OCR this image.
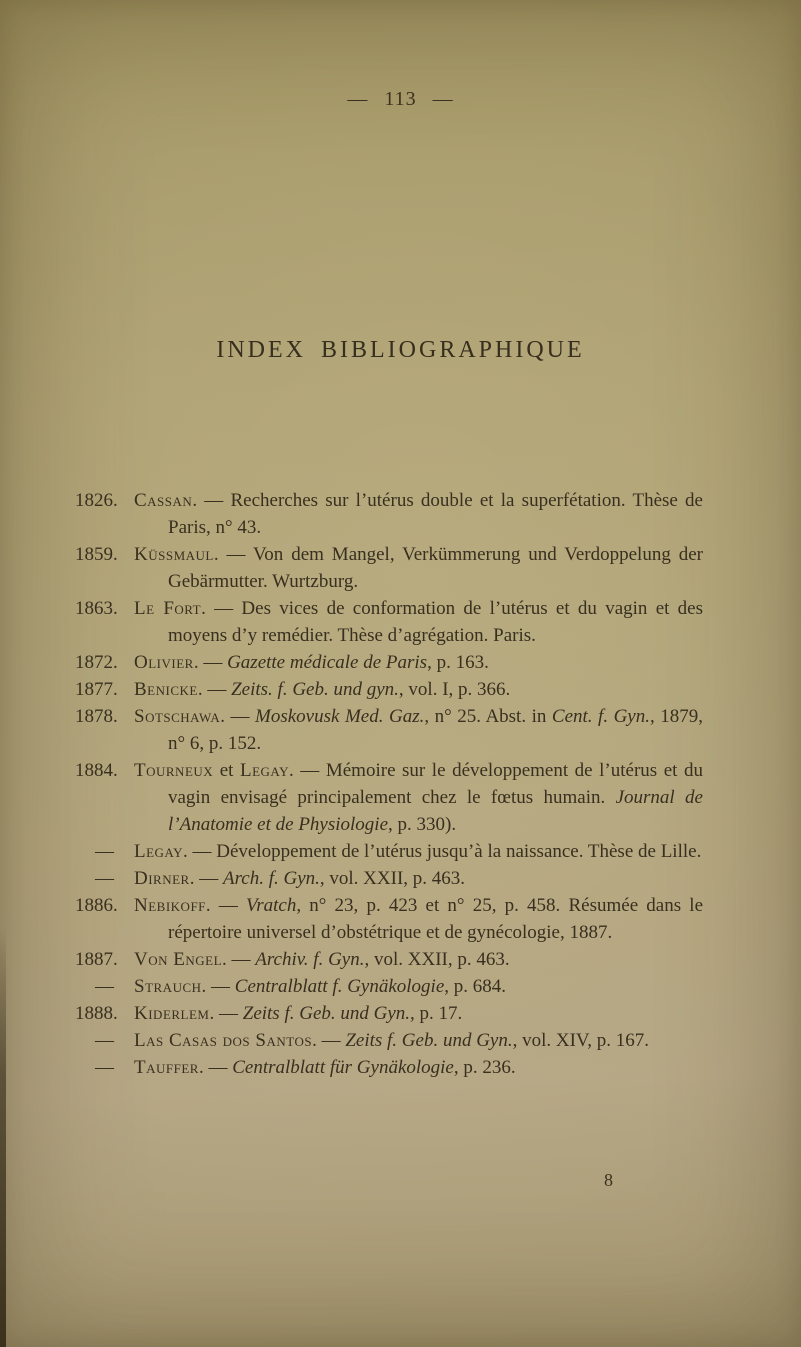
— 113 —
INDEX BIBLIOGRAPHIQUE

1826. Cassan. — Recherches sur l’utérus double et la superfétation. Thèse de Paris, n° 43.

1859. Küssmaul. — Von dem Mangel, Verkümmerung und Verdoppelung der Gebärmutter. Wurtzburg.

1863. Le Fort. — Des vices de conformation de l’utérus et du vagin et des moyens d’y remédier. Thèse d’agrégation. Paris.

1872. Olivier. — Gazette médicale de Paris, p. 163.

1877. Benicke. — Zeits. f. Geb. und gyn., vol. I, p. 366.

1878. Sotschawa. — Moskovusk Med. Gaz., n° 25. Abst. in Cent. f. Gyn., 1879, n° 6, p. 152.

1884. Tourneux et Legay. — Mémoire sur le développement de l’utérus et du vagin envisagé principalement chez le fœtus humain. Journal de l’Anatomie et de Physiologie, p. 330).

— Legay. — Développement de l’utérus jusqu’à la naissance. Thèse de Lille.

— Dirner. — Arch. f. Gyn., vol. XXII, p. 463.

1886. Nebikoff. — Vratch, n° 23, p. 423 et n° 25, p. 458. Résumée dans le répertoire universel d’obstétrique et de gynécologie, 1887.

1887. Von Engel. — Archiv. f. Gyn., vol. XXII, p. 463.

— Strauch. — Centralblatt f. Gynäkologie, p. 684.

1888. Kiderlem. — Zeits f. Geb. und Gyn., p. 17.

— Las Casas dos Santos. — Zeits f. Geb. und Gyn., vol. XIV, p. 167.

— Tauffer. — Centralblatt für Gynäkologie, p. 236.

8
